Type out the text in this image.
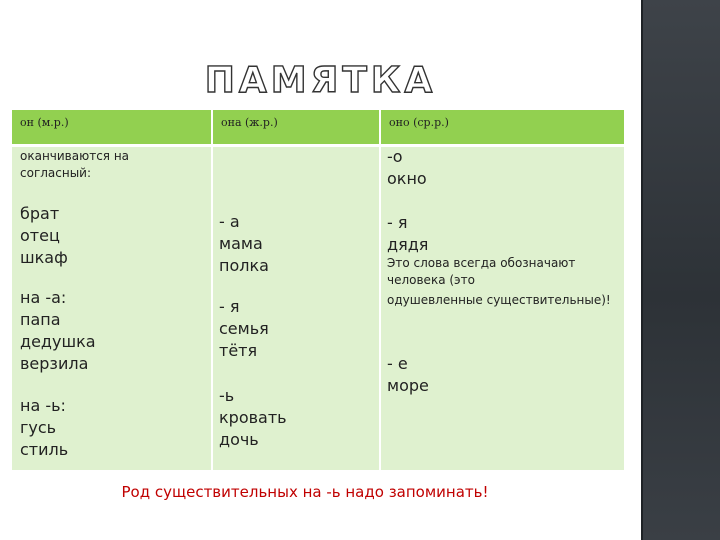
ПАМЯТКА
он (м.р.)	она (ж.р.)	оно (ср.р.)
оканчиваются на
согласный:
брат
отец
шкаф
на -а:
папа
дедушка
верзила
на -ь:
гусь
стиль
- а
мама
полка
- я
семья
тётя
-ь
кровать
дочь
-о
окно
- я
дядя
Это слова всегда обозначают
человека (это
одушевленные существительные)!
- е
море
Род существительных на -ь надо запоминать!
